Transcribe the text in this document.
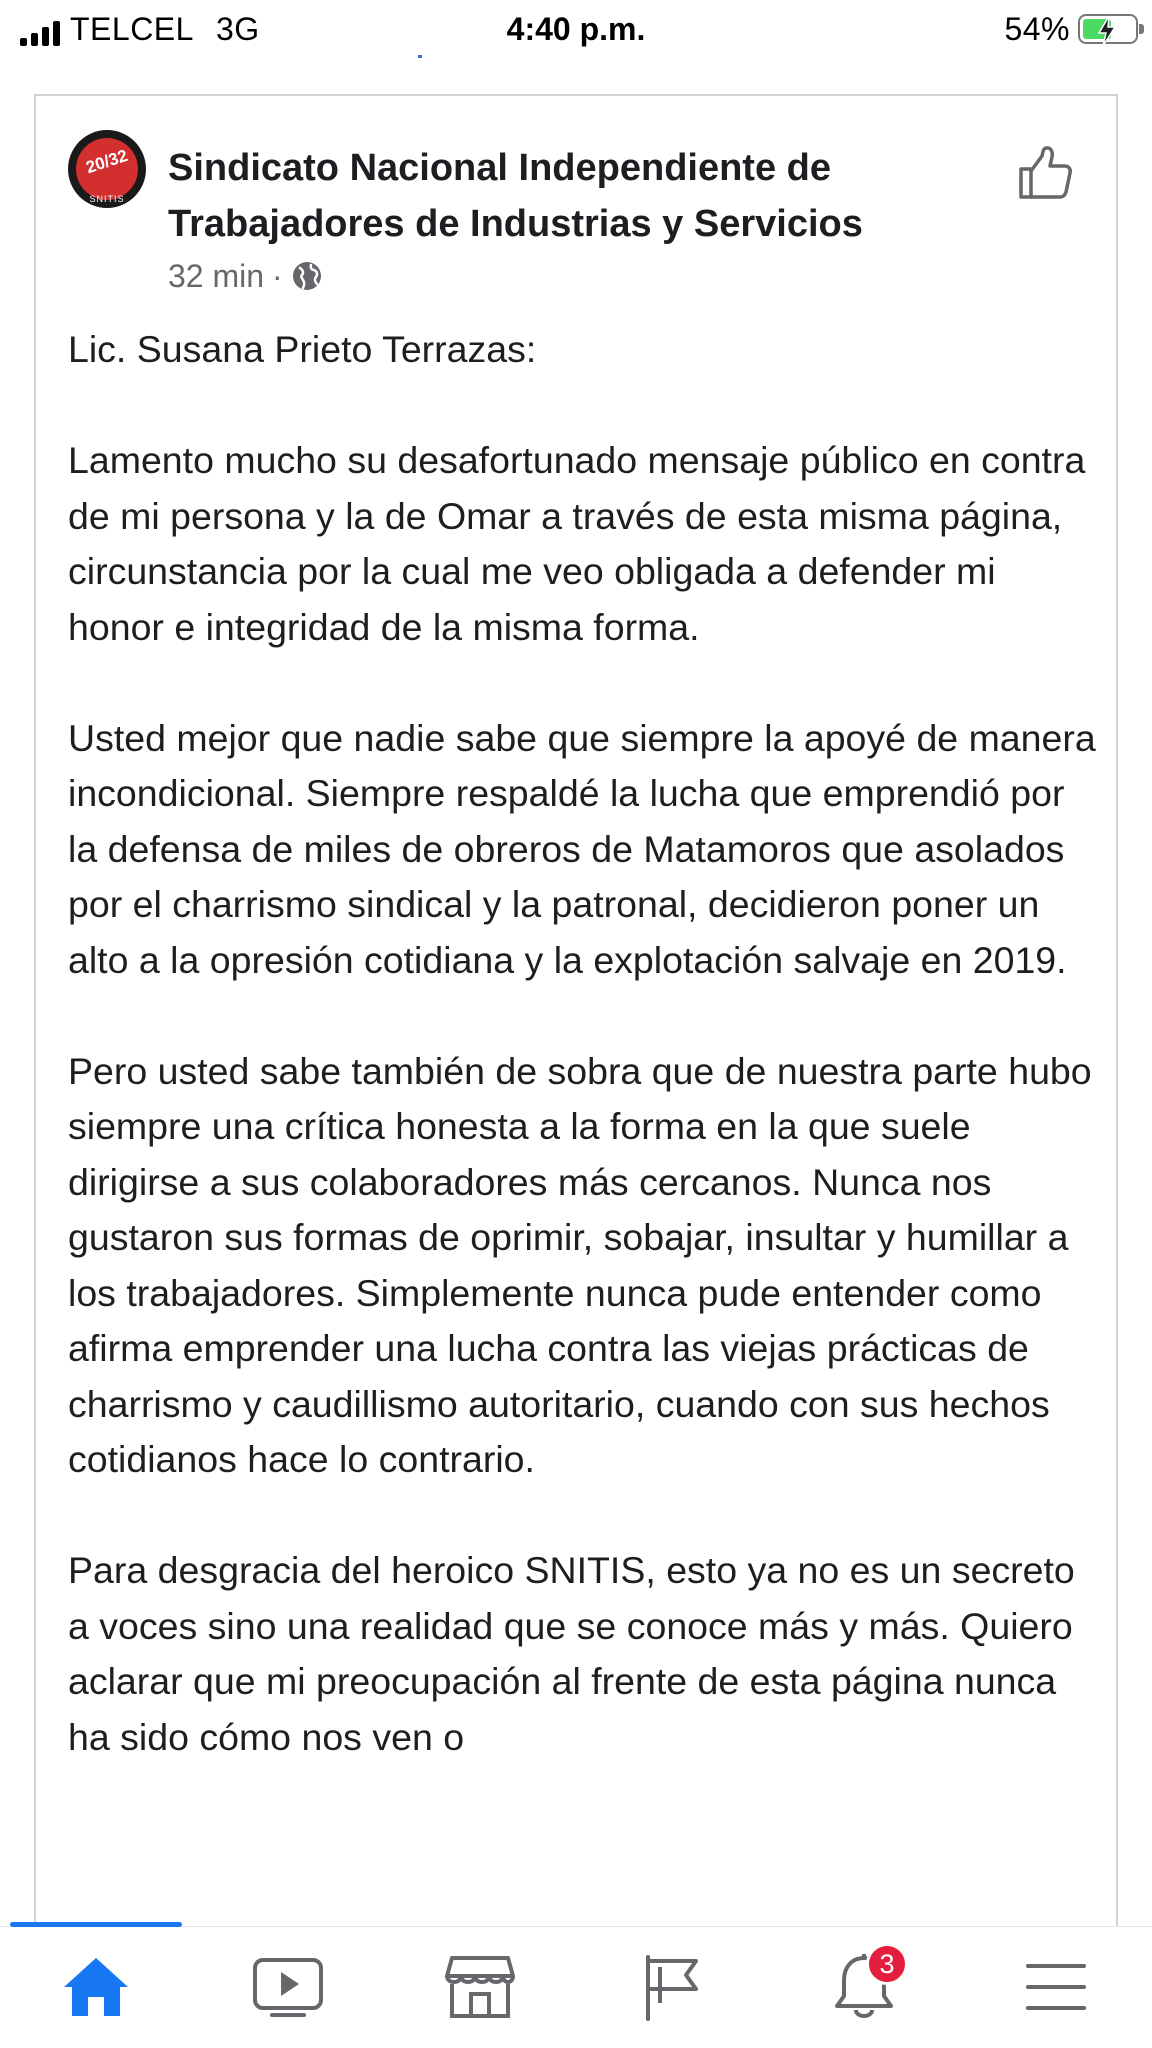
TELCEL 3G	4:40 p.m.	54%
20/32
SNITIS
Sindicato Nacional Independiente de Trabajadores de Industrias y Servicios
32 min ·

Lic. Susana Prieto Terrazas:

Lamento mucho su desafortunado mensaje público en contra de mi persona y la de Omar a través de esta misma página, circunstancia por la cual me veo obligada a defender mi honor e integridad de la misma forma.

Usted mejor que nadie sabe que siempre la apoyé de manera incondicional. Siempre respaldé la lucha que emprendió por la defensa de miles de obreros de Matamoros que asolados por el charrismo sindical y la patronal, decidieron poner un alto a la opresión cotidiana y la explotación salvaje en 2019.

Pero usted sabe también de sobra que de nuestra parte hubo siempre una crítica honesta a la forma en la que suele dirigirse a sus colaboradores más cercanos. Nunca nos gustaron sus formas de oprimir, sobajar, insultar y humillar a los trabajadores. Simplemente nunca pude entender como afirma emprender una lucha contra las viejas prácticas de charrismo y caudillismo autoritario, cuando con sus hechos cotidianos hace lo contrario.

Para desgracia del heroico SNITIS, esto ya no es un secreto a voces sino una realidad que se conoce más y más. Quiero aclarar que mi preocupación al frente de esta página nunca ha sido cómo nos ven o

3
